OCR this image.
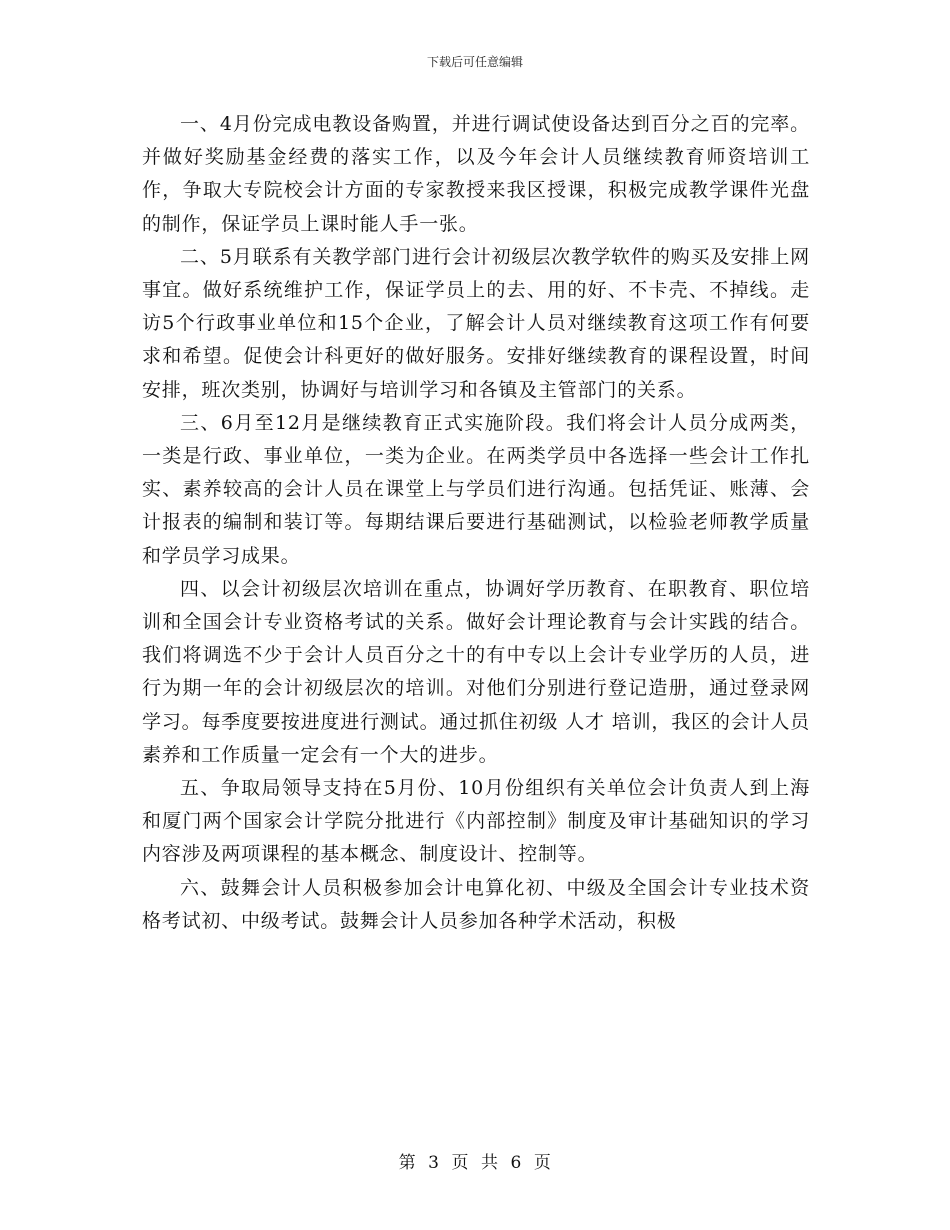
下载后可任意编辑

一、4月份完成电教设备购置，并进行调试使设备达到百分之百的完率。并做好奖励基金经费的落实工作，以及今年会计人员继续教育师资培训工作，争取大专院校会计方面的专家教授来我区授课，积极完成教学课件光盘的制作，保证学员上课时能人手一张。

二、5月联系有关教学部门进行会计初级层次教学软件的购买及安排上网事宜。做好系统维护工作，保证学员上的去、用的好、不卡壳、不掉线。走访5个行政事业单位和15个企业，了解会计人员对继续教育这项工作有何要求和希望。促使会计科更好的做好服务。安排好继续教育的课程设置，时间安排，班次类别，协调好与培训学习和各镇及主管部门的关系。

三、6月至12月是继续教育正式实施阶段。我们将会计人员分成两类，一类是行政、事业单位，一类为企业。在两类学员中各选择一些会计工作扎实、素养较高的会计人员在课堂上与学员们进行沟通。包括凭证、账薄、会计报表的编制和装订等。每期结课后要进行基础测试，以检验老师教学质量和学员学习成果。

四、以会计初级层次培训在重点，协调好学历教育、在职教育、职位培训和全国会计专业资格考试的关系。做好会计理论教育与会计实践的结合。我们将调选不少于会计人员百分之十的有中专以上会计专业学历的人员，进行为期一年的会计初级层次的培训。对他们分别进行登记造册，通过登录网学习。每季度要按进度进行测试。通过抓住初级 人才 培训，我区的会计人员素养和工作质量一定会有一个大的进步。

五、争取局领导支持在5月份、10月份组织有关单位会计负责人到上海和厦门两个国家会计学院分批进行《内部控制》制度及审计基础知识的学习内容涉及两项课程的基本概念、制度设计、控制等。

六、鼓舞会计人员积极参加会计电算化初、中级及全国会计专业技术资格考试初、中级考试。鼓舞会计人员参加各种学术活动，积极

第 3 页 共 6 页
